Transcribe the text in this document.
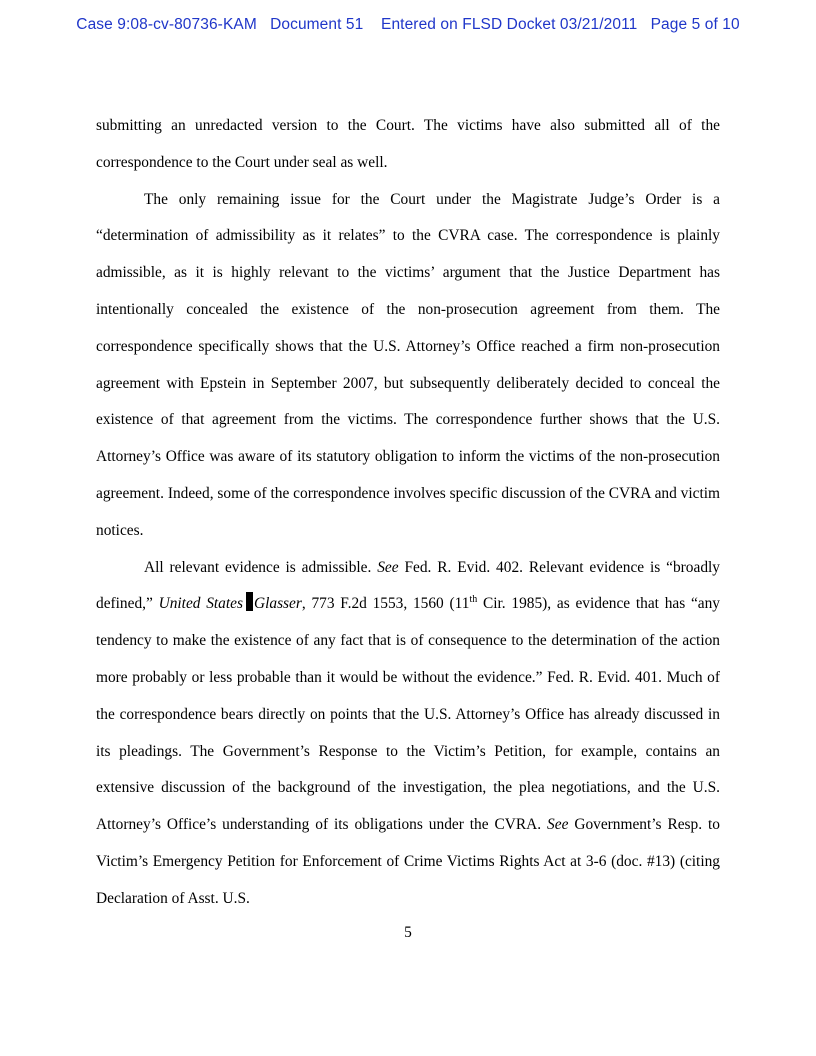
Case 9:08-cv-80736-KAM Document 51 Entered on FLSD Docket 03/21/2011 Page 5 of 10

submitting an unredacted version to the Court. The victims have also submitted all of the correspondence to the Court under seal as well.

The only remaining issue for the Court under the Magistrate Judge’s Order is a “determination of admissibility as it relates” to the CVRA case. The correspondence is plainly admissible, as it is highly relevant to the victims’ argument that the Justice Department has intentionally concealed the existence of the non-prosecution agreement from them. The correspondence specifically shows that the U.S. Attorney’s Office reached a firm non-prosecution agreement with Epstein in September 2007, but subsequently deliberately decided to conceal the existence of that agreement from the victims. The correspondence further shows that the U.S. Attorney’s Office was aware of its statutory obligation to inform the victims of the non-prosecution agreement. Indeed, some of the correspondence involves specific discussion of the CVRA and victim notices.

All relevant evidence is admissible. See Fed. R. Evid. 402. Relevant evidence is “broadly defined,” United States Glasser, 773 F.2d 1553, 1560 (11th Cir. 1985), as evidence that has “any tendency to make the existence of any fact that is of consequence to the determination of the action more probably or less probable than it would be without the evidence.” Fed. R. Evid. 401. Much of the correspondence bears directly on points that the U.S. Attorney’s Office has already discussed in its pleadings. The Government’s Response to the Victim’s Petition, for example, contains an extensive discussion of the background of the investigation, the plea negotiations, and the U.S. Attorney’s Office’s understanding of its obligations under the CVRA. See Government’s Resp. to Victim’s Emergency Petition for Enforcement of Crime Victims Rights Act at 3-6 (doc. #13) (citing Declaration of Asst. U.S.

5
